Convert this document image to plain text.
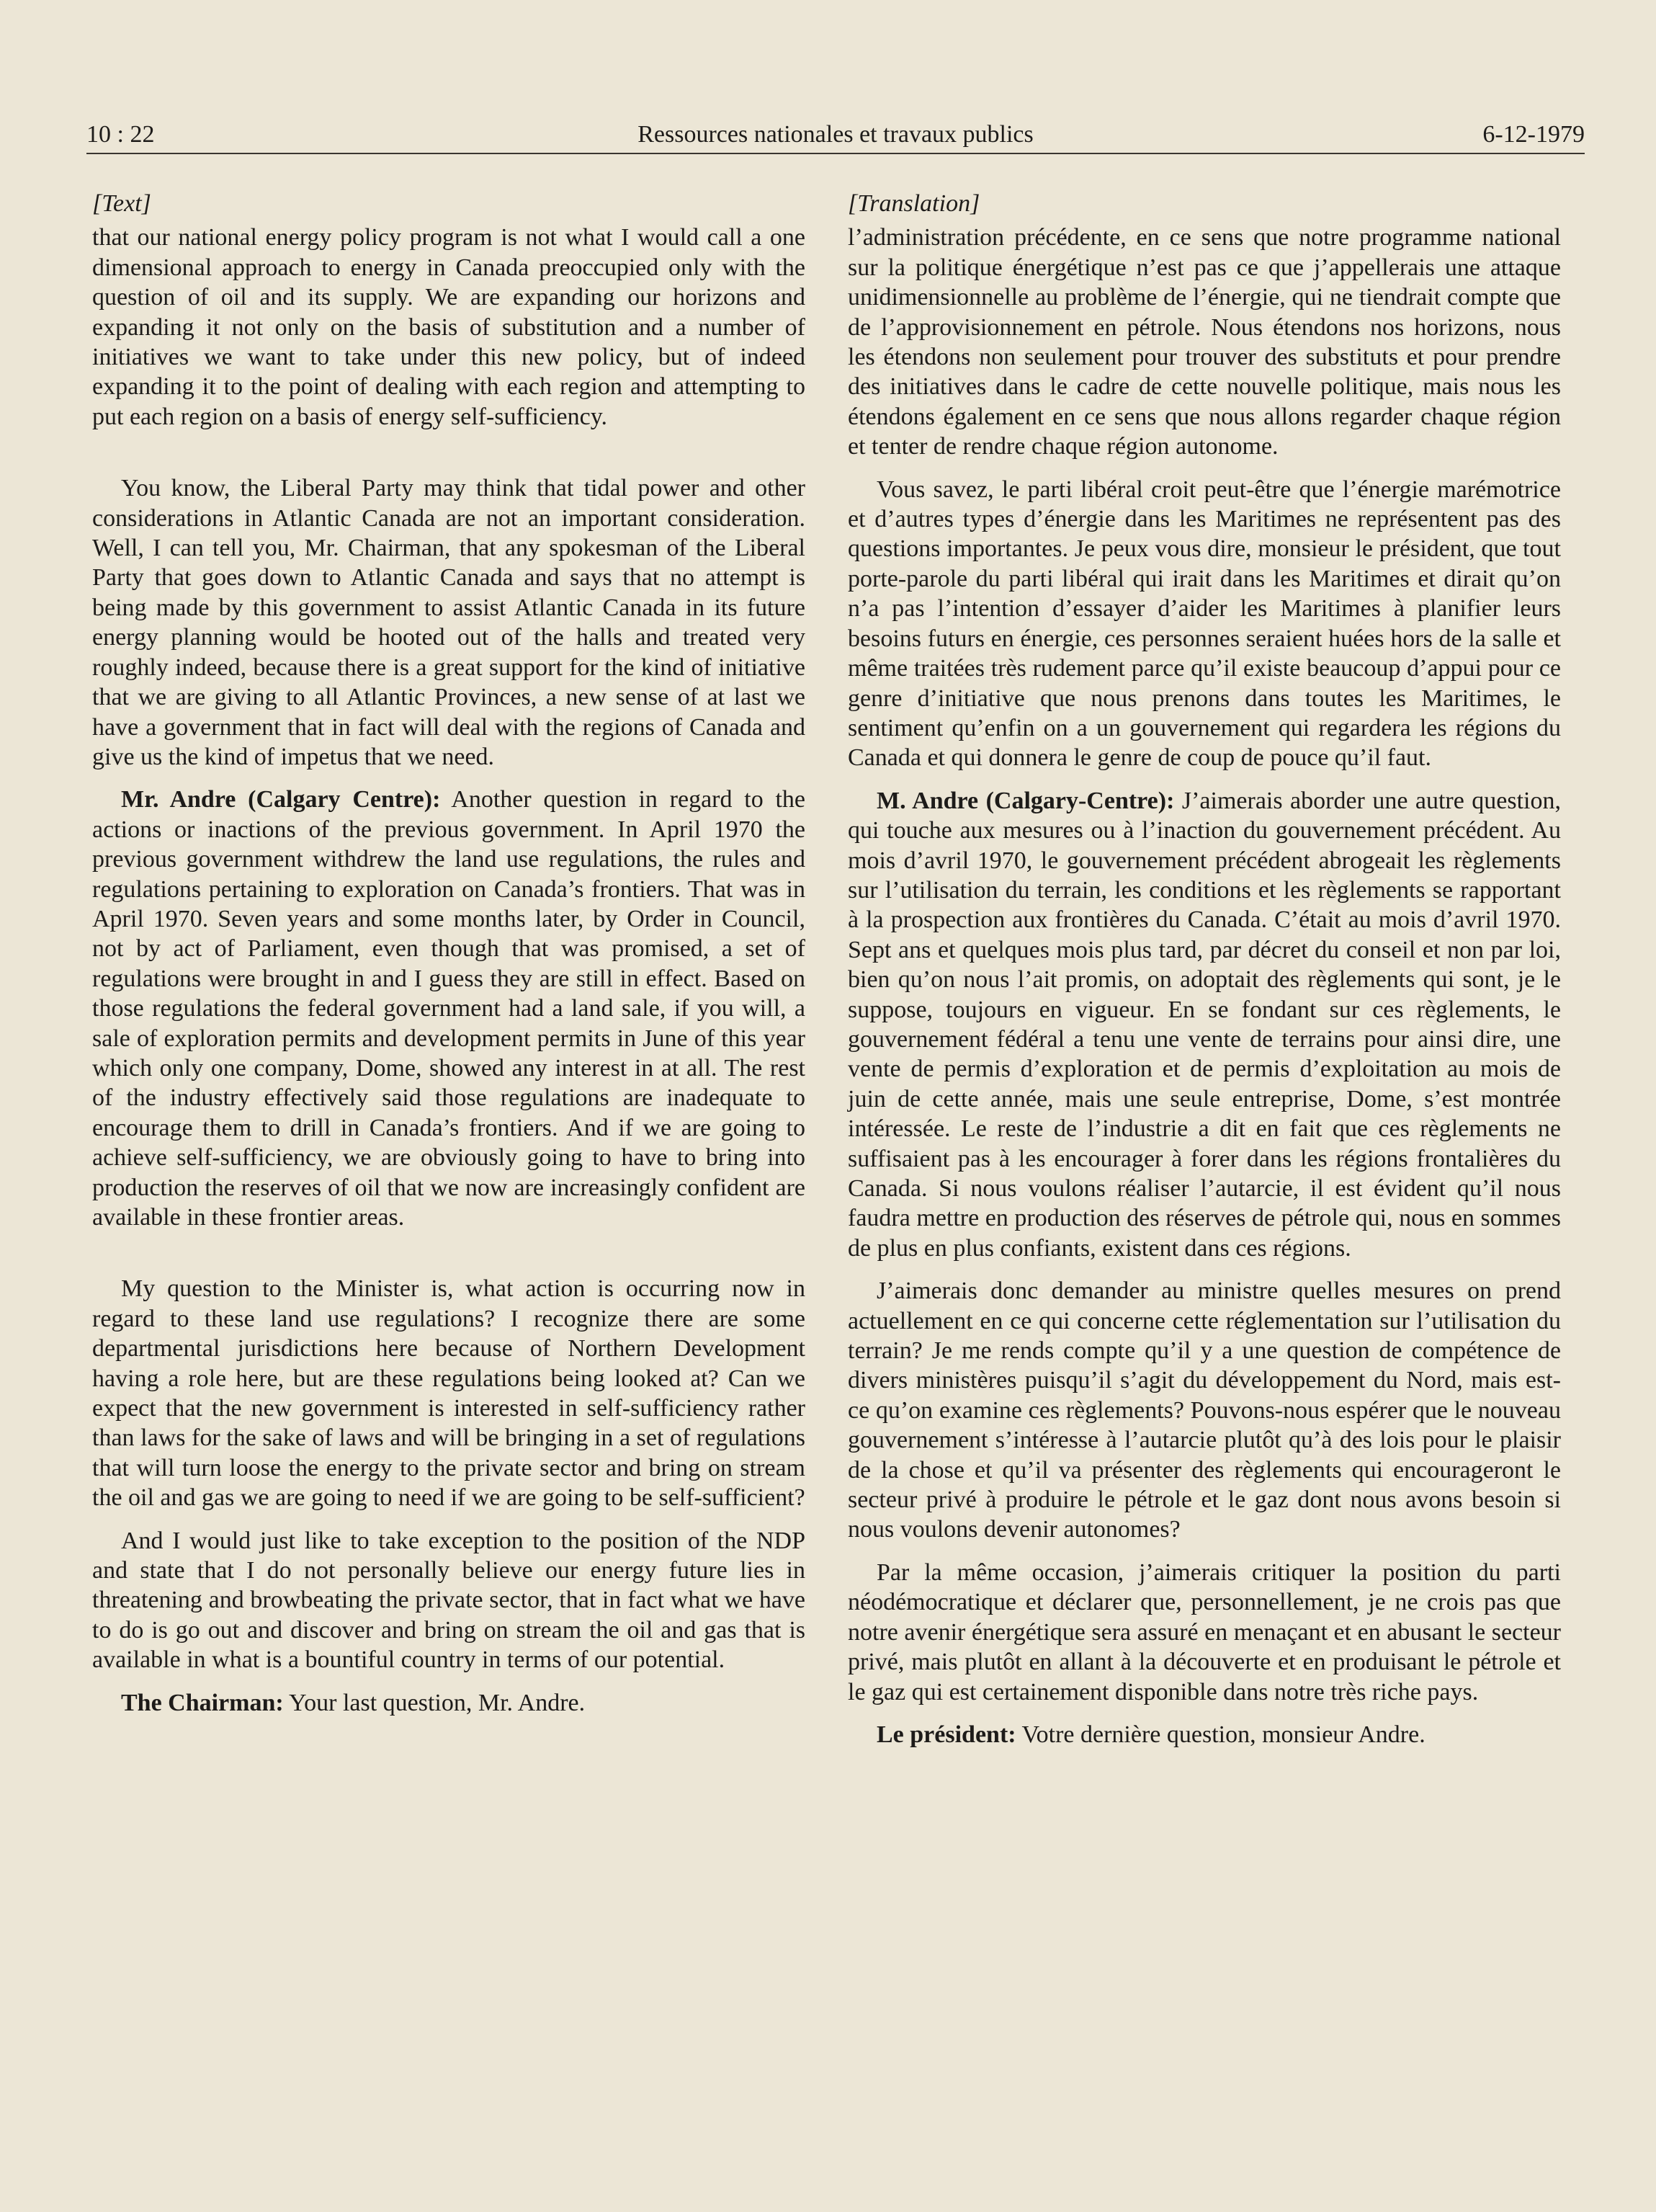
10 : 22	Ressources nationales et travaux publics	6-12-1979
[Text]

that our national energy policy program is not what I would call a one dimensional approach to energy in Canada preoccupied only with the question of oil and its supply. We are expanding our horizons and expanding it not only on the basis of substitution and a number of initiatives we want to take under this new policy, but of indeed expanding it to the point of dealing with each region and attempting to put each region on a basis of energy self-sufficiency.

You know, the Liberal Party may think that tidal power and other considerations in Atlantic Canada are not an important consideration. Well, I can tell you, Mr. Chairman, that any spokesman of the Liberal Party that goes down to Atlantic Canada and says that no attempt is being made by this government to assist Atlantic Canada in its future energy planning would be hooted out of the halls and treated very roughly indeed, because there is a great support for the kind of initiative that we are giving to all Atlantic Provinces, a new sense of at last we have a government that in fact will deal with the regions of Canada and give us the kind of impetus that we need.

Mr. Andre (Calgary Centre): Another question in regard to the actions or inactions of the previous government. In April 1970 the previous government withdrew the land use regulations, the rules and regulations pertaining to exploration on Canada’s frontiers. That was in April 1970. Seven years and some months later, by Order in Council, not by act of Parliament, even though that was promised, a set of regulations were brought in and I guess they are still in effect. Based on those regulations the federal government had a land sale, if you will, a sale of exploration permits and development permits in June of this year which only one company, Dome, showed any interest in at all. The rest of the industry effectively said those regulations are inadequate to encourage them to drill in Canada’s frontiers. And if we are going to achieve self-sufficiency, we are obviously going to have to bring into production the reserves of oil that we now are increasingly confident are available in these frontier areas.

My question to the Minister is, what action is occurring now in regard to these land use regulations? I recognize there are some departmental jurisdictions here because of Northern Development having a role here, but are these regulations being looked at? Can we expect that the new government is interested in self-sufficiency rather than laws for the sake of laws and will be bringing in a set of regulations that will turn loose the energy to the private sector and bring on stream the oil and gas we are going to need if we are going to be self-sufficient?

And I would just like to take exception to the position of the NDP and state that I do not personally believe our energy future lies in threatening and browbeating the private sector, that in fact what we have to do is go out and discover and bring on stream the oil and gas that is available in what is a bountiful country in terms of our potential.

The Chairman: Your last question, Mr. Andre.

[Translation]

l’administration précédente, en ce sens que notre programme national sur la politique énergétique n’est pas ce que j’appellerais une attaque unidimensionnelle au problème de l’énergie, qui ne tiendrait compte que de l’approvisionnement en pétrole. Nous étendons nos horizons, nous les étendons non seulement pour trouver des substituts et pour prendre des initiatives dans le cadre de cette nouvelle politique, mais nous les étendons également en ce sens que nous allons regarder chaque région et tenter de rendre chaque région autonome.

Vous savez, le parti libéral croit peut-être que l’énergie marémotrice et d’autres types d’énergie dans les Maritimes ne représentent pas des questions importantes. Je peux vous dire, monsieur le président, que tout porte-parole du parti libéral qui irait dans les Maritimes et dirait qu’on n’a pas l’intention d’essayer d’aider les Maritimes à planifier leurs besoins futurs en énergie, ces personnes seraient huées hors de la salle et même traitées très rudement parce qu’il existe beaucoup d’appui pour ce genre d’initiative que nous prenons dans toutes les Maritimes, le sentiment qu’enfin on a un gouvernement qui regardera les régions du Canada et qui donnera le genre de coup de pouce qu’il faut.

M. Andre (Calgary-Centre): J’aimerais aborder une autre question, qui touche aux mesures ou à l’inaction du gouvernement précédent. Au mois d’avril 1970, le gouvernement précédent abrogeait les règlements sur l’utilisation du terrain, les conditions et les règlements se rapportant à la prospection aux frontières du Canada. C’était au mois d’avril 1970. Sept ans et quelques mois plus tard, par décret du conseil et non par loi, bien qu’on nous l’ait promis, on adoptait des règlements qui sont, je le suppose, toujours en vigueur. En se fondant sur ces règlements, le gouvernement fédéral a tenu une vente de terrains pour ainsi dire, une vente de permis d’exploration et de permis d’exploitation au mois de juin de cette année, mais une seule entreprise, Dome, s’est montrée intéressée. Le reste de l’industrie a dit en fait que ces règlements ne suffisaient pas à les encourager à forer dans les régions frontalières du Canada. Si nous voulons réaliser l’autarcie, il est évident qu’il nous faudra mettre en production des réserves de pétrole qui, nous en sommes de plus en plus confiants, existent dans ces régions.

J’aimerais donc demander au ministre quelles mesures on prend actuellement en ce qui concerne cette réglementation sur l’utilisation du terrain? Je me rends compte qu’il y a une question de compétence de divers ministères puisqu’il s’agit du développement du Nord, mais est-ce qu’on examine ces règlements? Pouvons-nous espérer que le nouveau gouvernement s’intéresse à l’autarcie plutôt qu’à des lois pour le plaisir de la chose et qu’il va présenter des règlements qui encourageront le secteur privé à produire le pétrole et le gaz dont nous avons besoin si nous voulons devenir autonomes?

Par la même occasion, j’aimerais critiquer la position du parti néodémocratique et déclarer que, personnellement, je ne crois pas que notre avenir énergétique sera assuré en menaçant et en abusant le secteur privé, mais plutôt en allant à la découverte et en produisant le pétrole et le gaz qui est certainement disponible dans notre très riche pays.

Le président: Votre dernière question, monsieur Andre.
